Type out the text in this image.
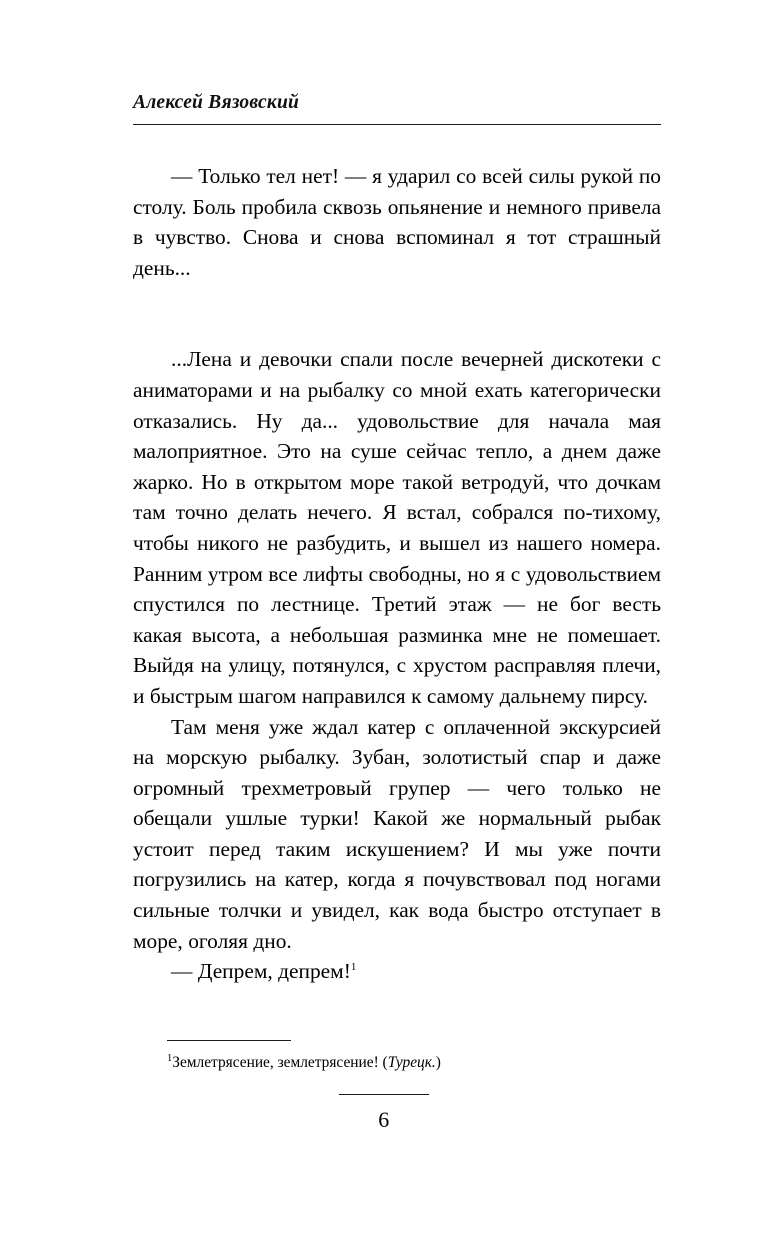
Алексей Вязовский

— Только тел нет! — я ударил со всей силы рукой по столу. Боль пробила сквозь опьянение и немного привела в чувство. Снова и снова вспоминал я тот страшный день...

...Лена и девочки спали после вечерней дискотеки с аниматорами и на рыбалку со мной ехать категорически отказались. Ну да... удовольствие для начала мая малоприятное. Это на суше сейчас тепло, а днем даже жарко. Но в открытом море такой ветродуй, что дочкам там точно делать нечего. Я встал, собрался по-тихому, чтобы никого не разбудить, и вышел из нашего номера. Ранним утром все лифты свободны, но я с удовольствием спустился по лестнице. Третий этаж — не бог весть какая высота, а небольшая разминка мне не помешает. Выйдя на улицу, потянулся, с хрустом расправляя плечи, и быстрым шагом направился к самому дальнему пирсу.

Там меня уже ждал катер с оплаченной экскурсией на морскую рыбалку. Зубан, золотистый спар и даже огромный трехметровый групер — чего только не обещали ушлые турки! Какой же нормальный рыбак устоит перед таким искушением? И мы уже почти погрузились на катер, когда я почувствовал под ногами сильные толчки и увидел, как вода быстро отступает в море, оголяя дно.

— Депрем, депрем!$^1$

$^1$Землетрясение, землетрясение! (Турецк.)
6
